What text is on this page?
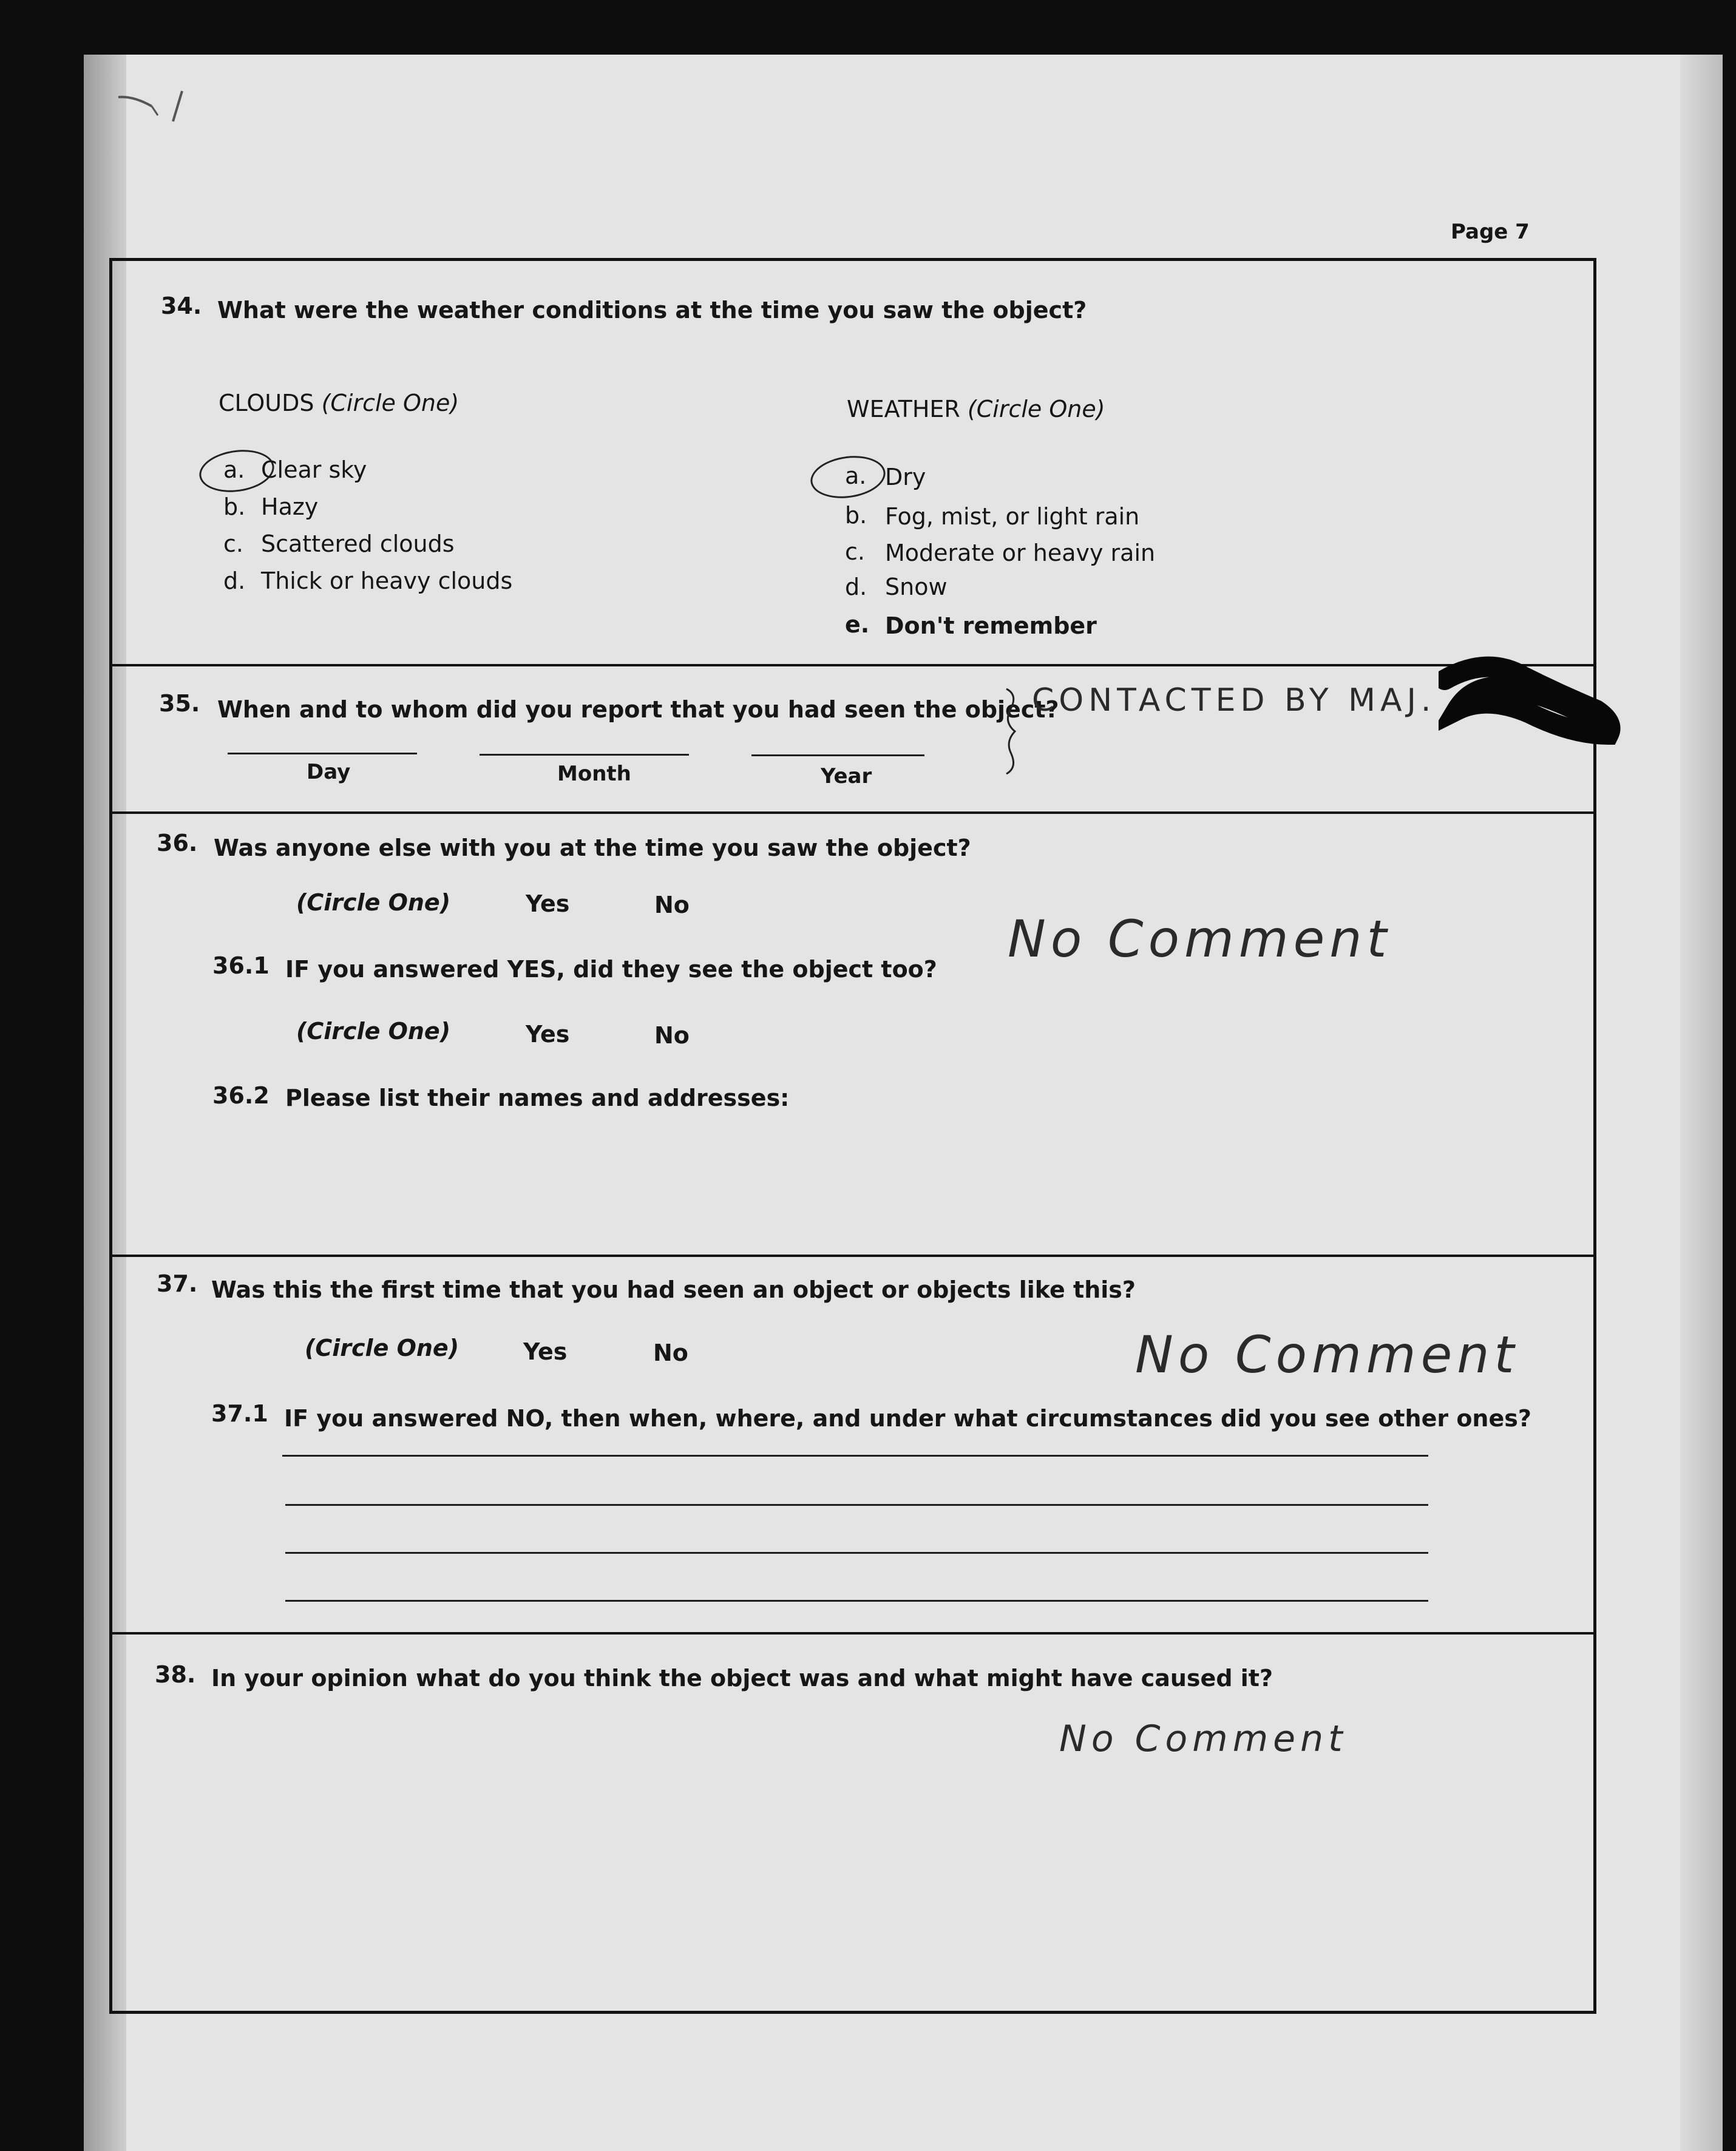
Page 7
34. What were the weather conditions at the time you saw the object?
CLOUDS (Circle One)	WEATHER (Circle One)
a. Clear sky
b. Hazy
c. Scattered clouds
d. Thick or heavy clouds
a. Dry
b. Fog, mist, or light rain
c. Moderate or heavy rain
d. Snow
e. Don't remember
35. When and to whom did you report that you had seen the object?
Day	Month	Year
CONTACTED BY MAJ.
36. Was anyone else with you at the time you saw the object?
(Circle One)	Yes	No
36.1 IF you answered YES, did they see the object too?
(Circle One)	Yes	No
36.2 Please list their names and addresses:
No Comment
37. Was this the first time that you had seen an object or objects like this?
(Circle One)	Yes	No	No Comment
37.1 IF you answered NO, then when, where, and under what circumstances did you see other ones?
38. In your opinion what do you think the object was and what might have caused it?
No Comment
